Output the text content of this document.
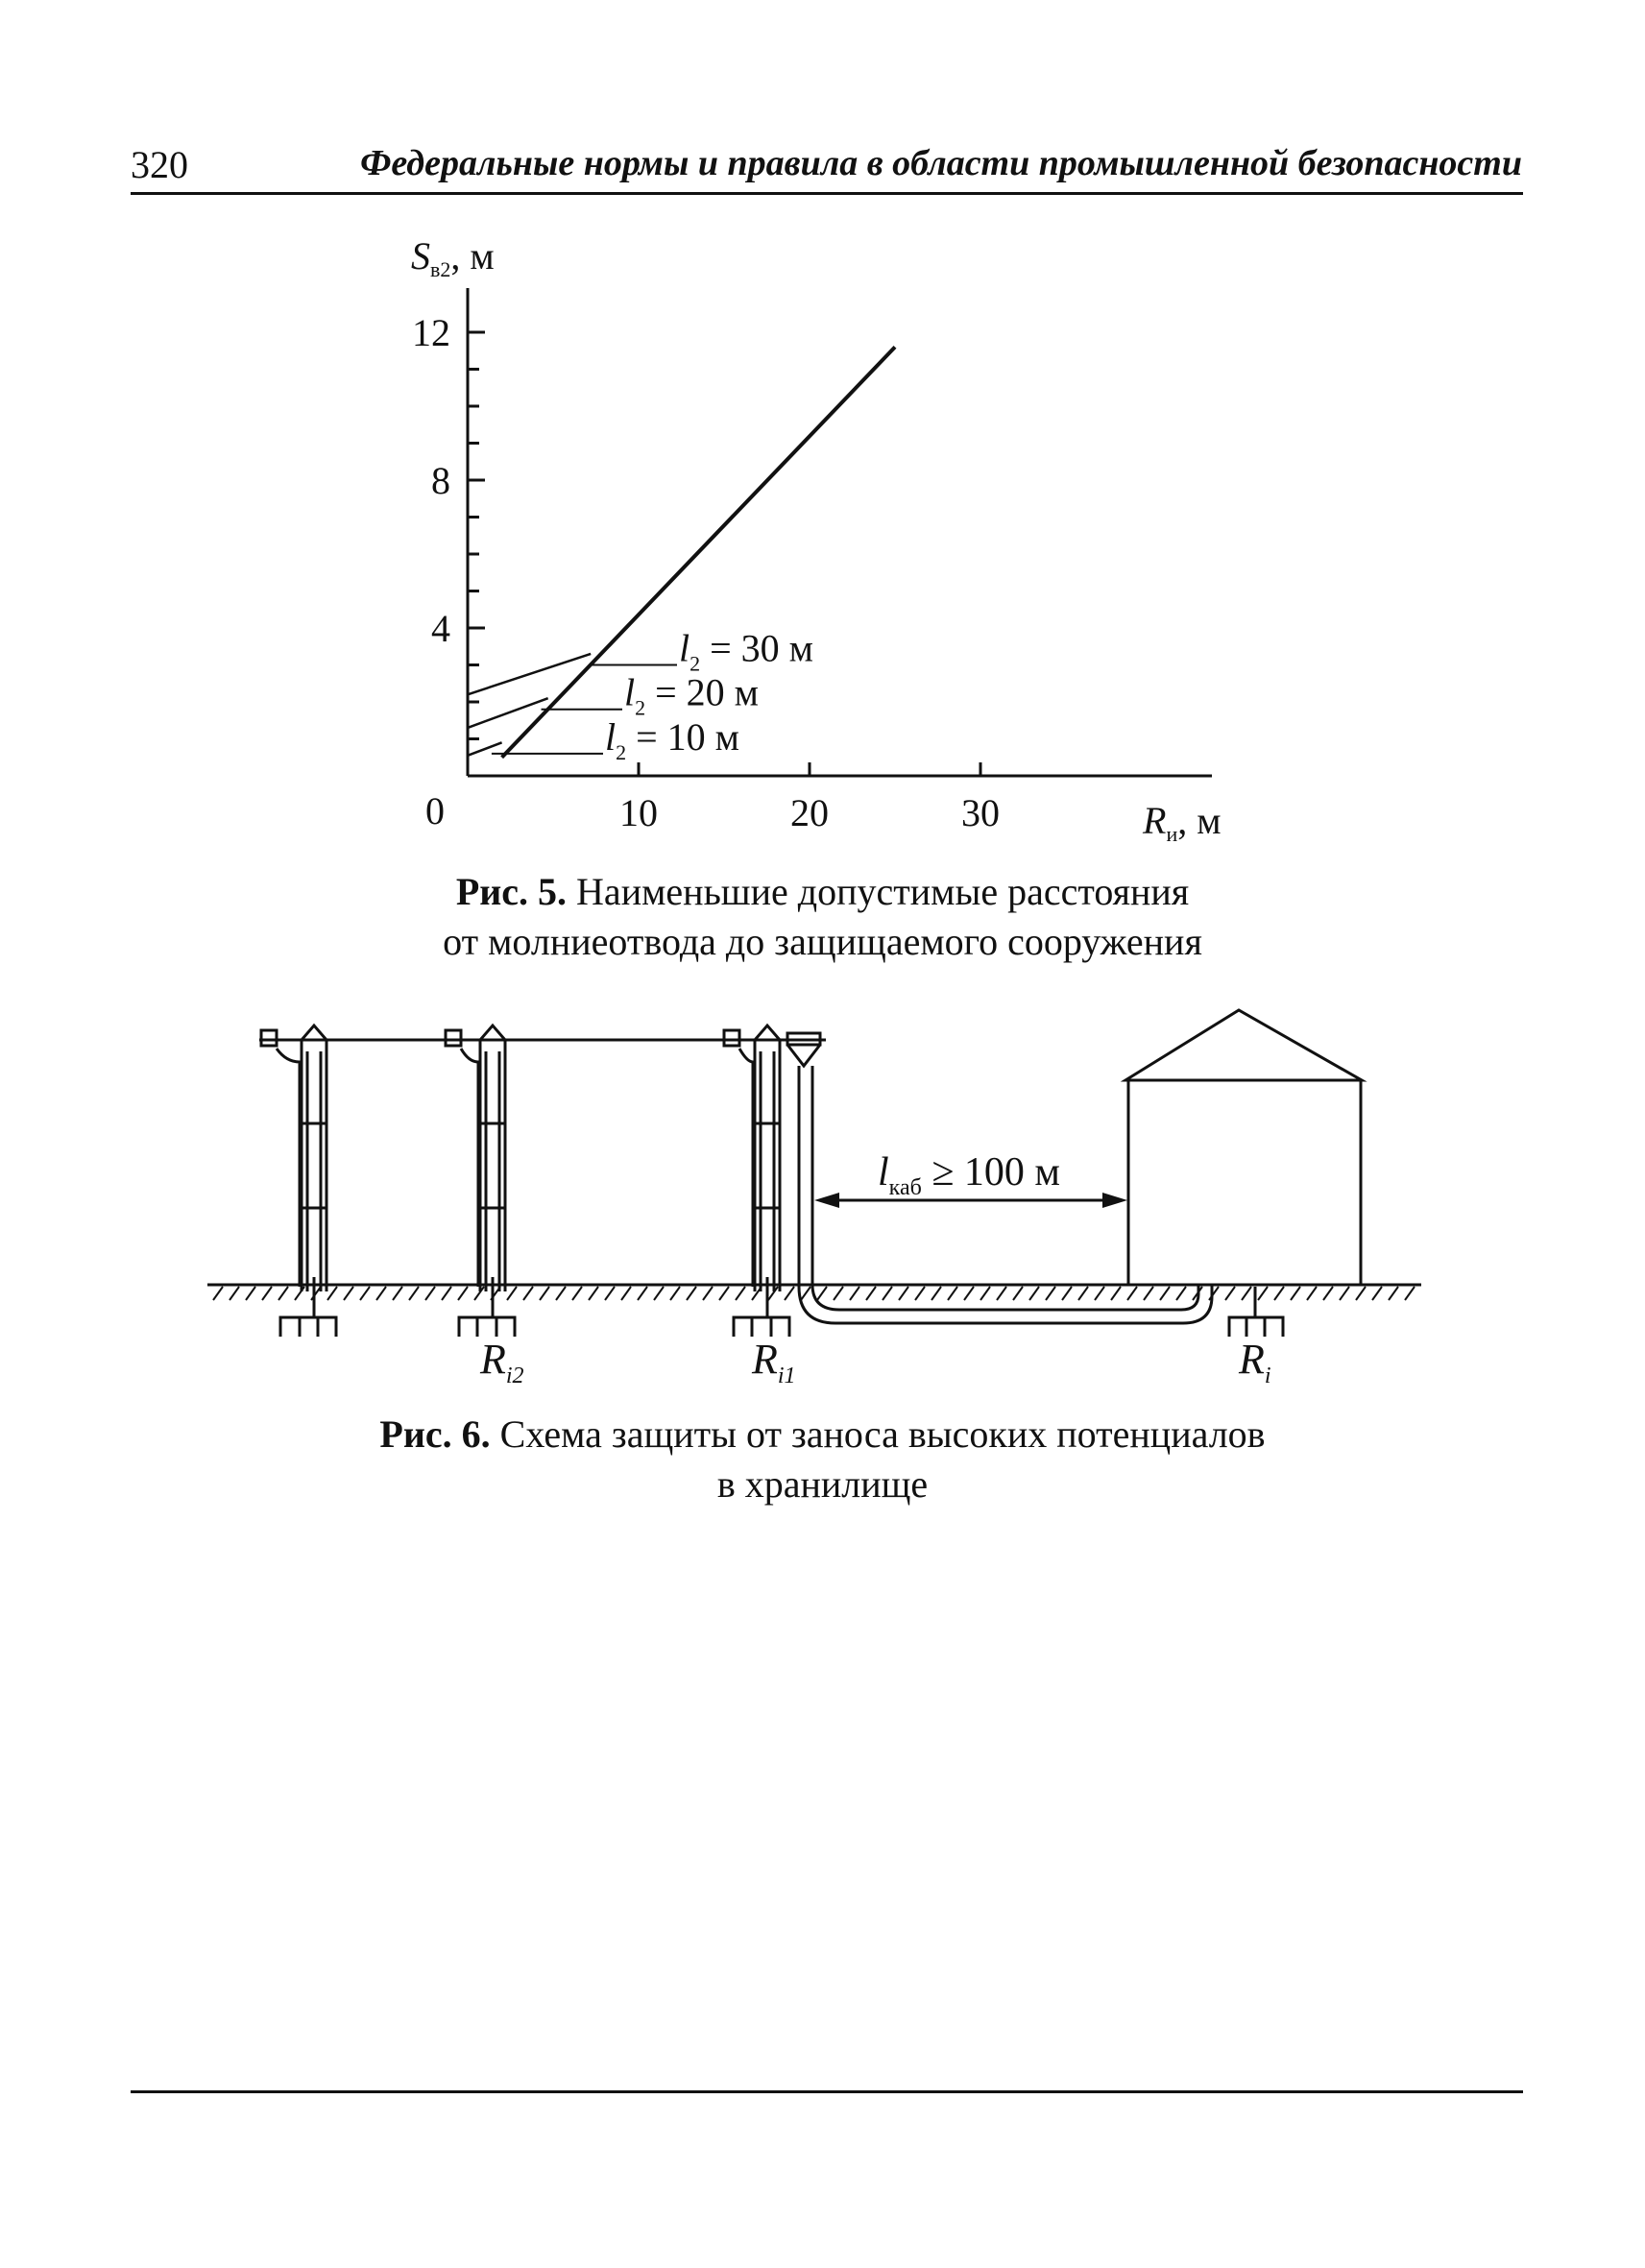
320	Федеральные нормы и правила в области промышленной безопасности
$S_{в2}$, м
$R_и$, м
0	10	20	30
4
8
12
$l_2 = 30$ м
$l_2 = 20$ м
$l_2 = 10$ м
Рис. 5. Наименьшие допустимые расстояния
от молниеотвода до защищаемого сооружения
$l_{каб} \ge 100$ м
$R_{i2}$	$R_{i1}$	$R_i$
Рис. 6. Схема защиты от заноса высоких потенциалов
в хранилище
